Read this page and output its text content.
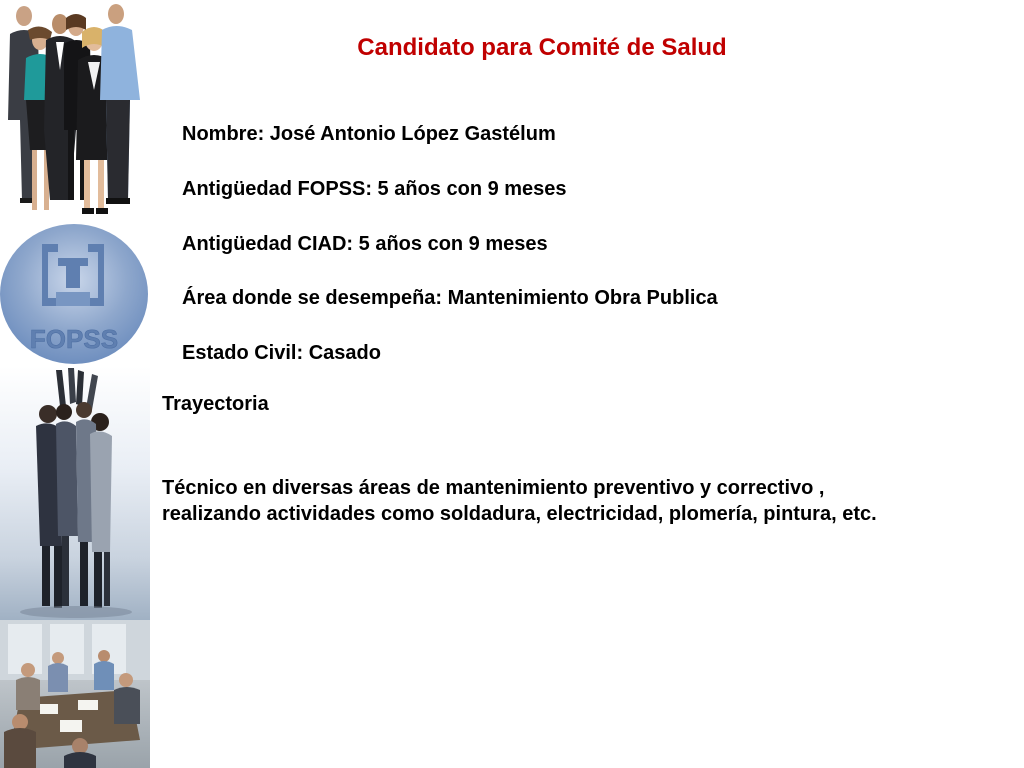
FOPSS
Candidato para Comité de Salud
Nombre: José Antonio López Gastélum
Antigüedad FOPSS: 5 años con 9 meses
Antigüedad CIAD: 5 años con 9 meses
Área donde se desempeña: Mantenimiento Obra Publica
Estado Civil: Casado
Trayectoria

Técnico en diversas áreas de mantenimiento preventivo y correctivo ,
realizando actividades como soldadura, electricidad, plomería, pintura, etc.
